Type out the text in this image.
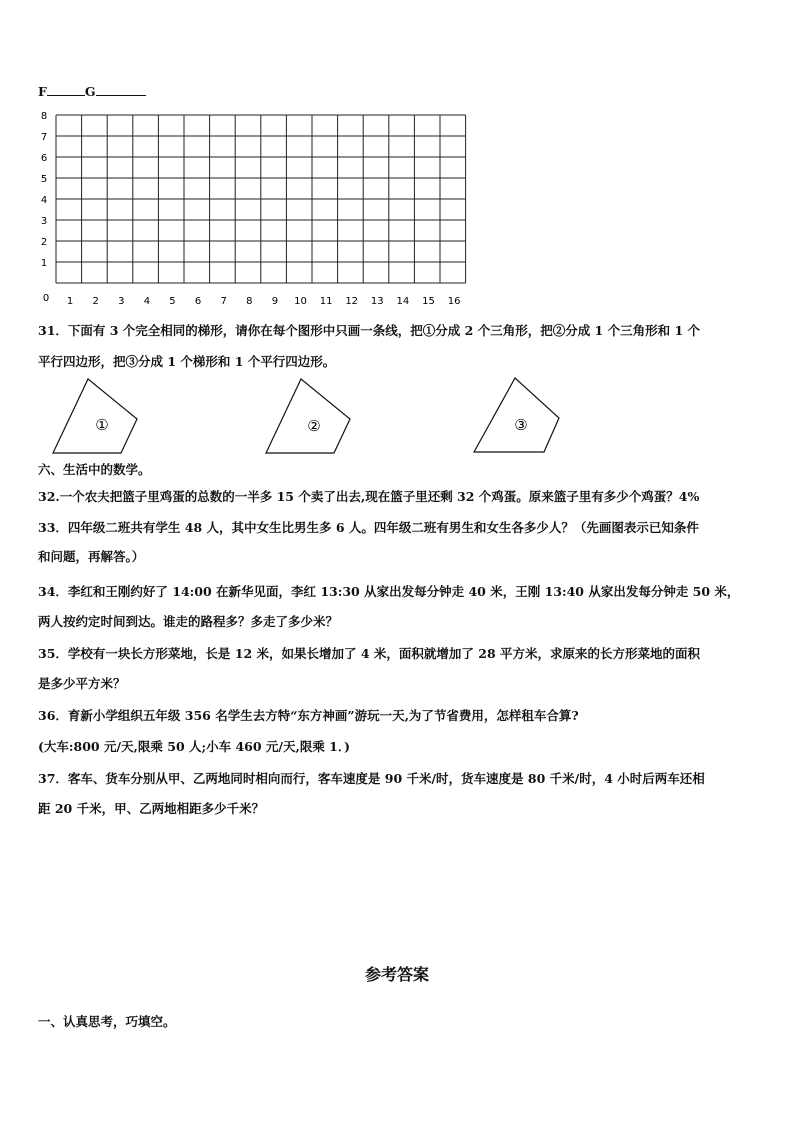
F	G
8
7
6
5
4
3
2
1
1 2 3 4 5 6 7 8 9 10 11 12 13 14 15 16
0
31．下面有 3 个完全相同的梯形，请你在每个图形中只画一条线，把①分成 2 个三角形，把②分成 1 个三角形和 1 个
平行四边形，把③分成 1 个梯形和 1 个平行四边形。
①	②	③
六、生活中的数学。
32.一个农夫把篮子里鸡蛋的总数的一半多 15 个卖了出去,现在篮子里还剩 32 个鸡蛋。原来篮子里有多少个鸡蛋？4%
33．四年级二班共有学生 48 人，其中女生比男生多 6 人。四年级二班有男生和女生各多少人？（先画图表示已知条件
和问题，再解答。）
34．李红和王刚约好了 14:00 在新华见面，李红 13:30 从家出发每分钟走 40 米，王刚 13:40 从家出发每分钟走 50 米，
两人按约定时间到达。谁走的路程多？多走了多少米？
35．学校有一块长方形菜地，长是 12 米，如果长增加了 4 米，面积就增加了 28 平方米，求原来的长方形菜地的面积
是多少平方米？
36．育新小学组织五年级 356 名学生去方特“东方神画”游玩一天,为了节省费用，怎样租车合算?
(大车:800 元/天,限乘 50 人;小车 460 元/天,限乘 1．)
37．客车、货车分别从甲、乙两地同时相向而行，客车速度是 90 千米/时，货车速度是 80 千米/时，4 小时后两车还相
距 20 千米，甲、乙两地相距多少千米？
参考答案
一、认真思考，巧填空。
